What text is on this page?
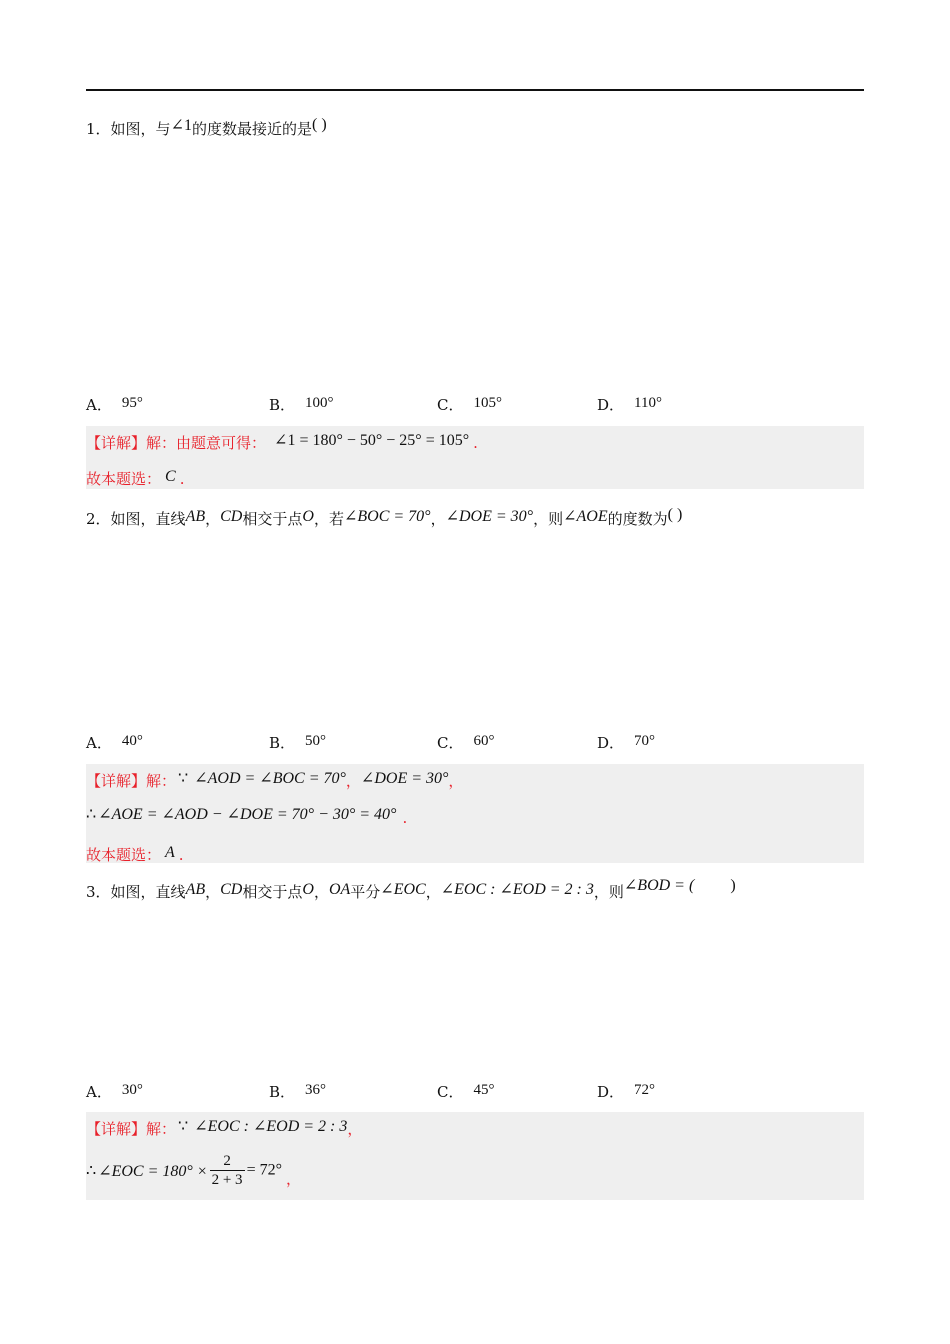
1．如图，与∠1的度数最接近的是( )
A． 95°	B． 100°	C． 105°	D． 110°
【详解】解：由题意可得： ∠1 = 180° − 50° − 25° = 105° .
故本题选： C .
2．如图，直线AB，CD相交于点O，若∠BOC = 70°，∠DOE = 30°，则∠AOE的度数为( )
A． 40°	B． 50°	C． 60°	D． 70°
【详解】解： ∵ ∠AOD = ∠BOC = 70°，∠DOE = 30°，
∴ ∠AOE = ∠AOD − ∠DOE = 70° − 30° = 40° .
故本题选： A .
3．如图，直线AB，CD相交于点O，OA平分∠EOC，∠EOC : ∠EOD = 2 : 3，则∠BOD = ( )
A． 30°	B． 36°	C． 45°	D． 72°
【详解】解： ∵ ∠EOC : ∠EOD = 2 : 3，
∴ ∠EOC = $180^\circ \times \frac{2}{2 + 3} = 72^\circ$ ，
